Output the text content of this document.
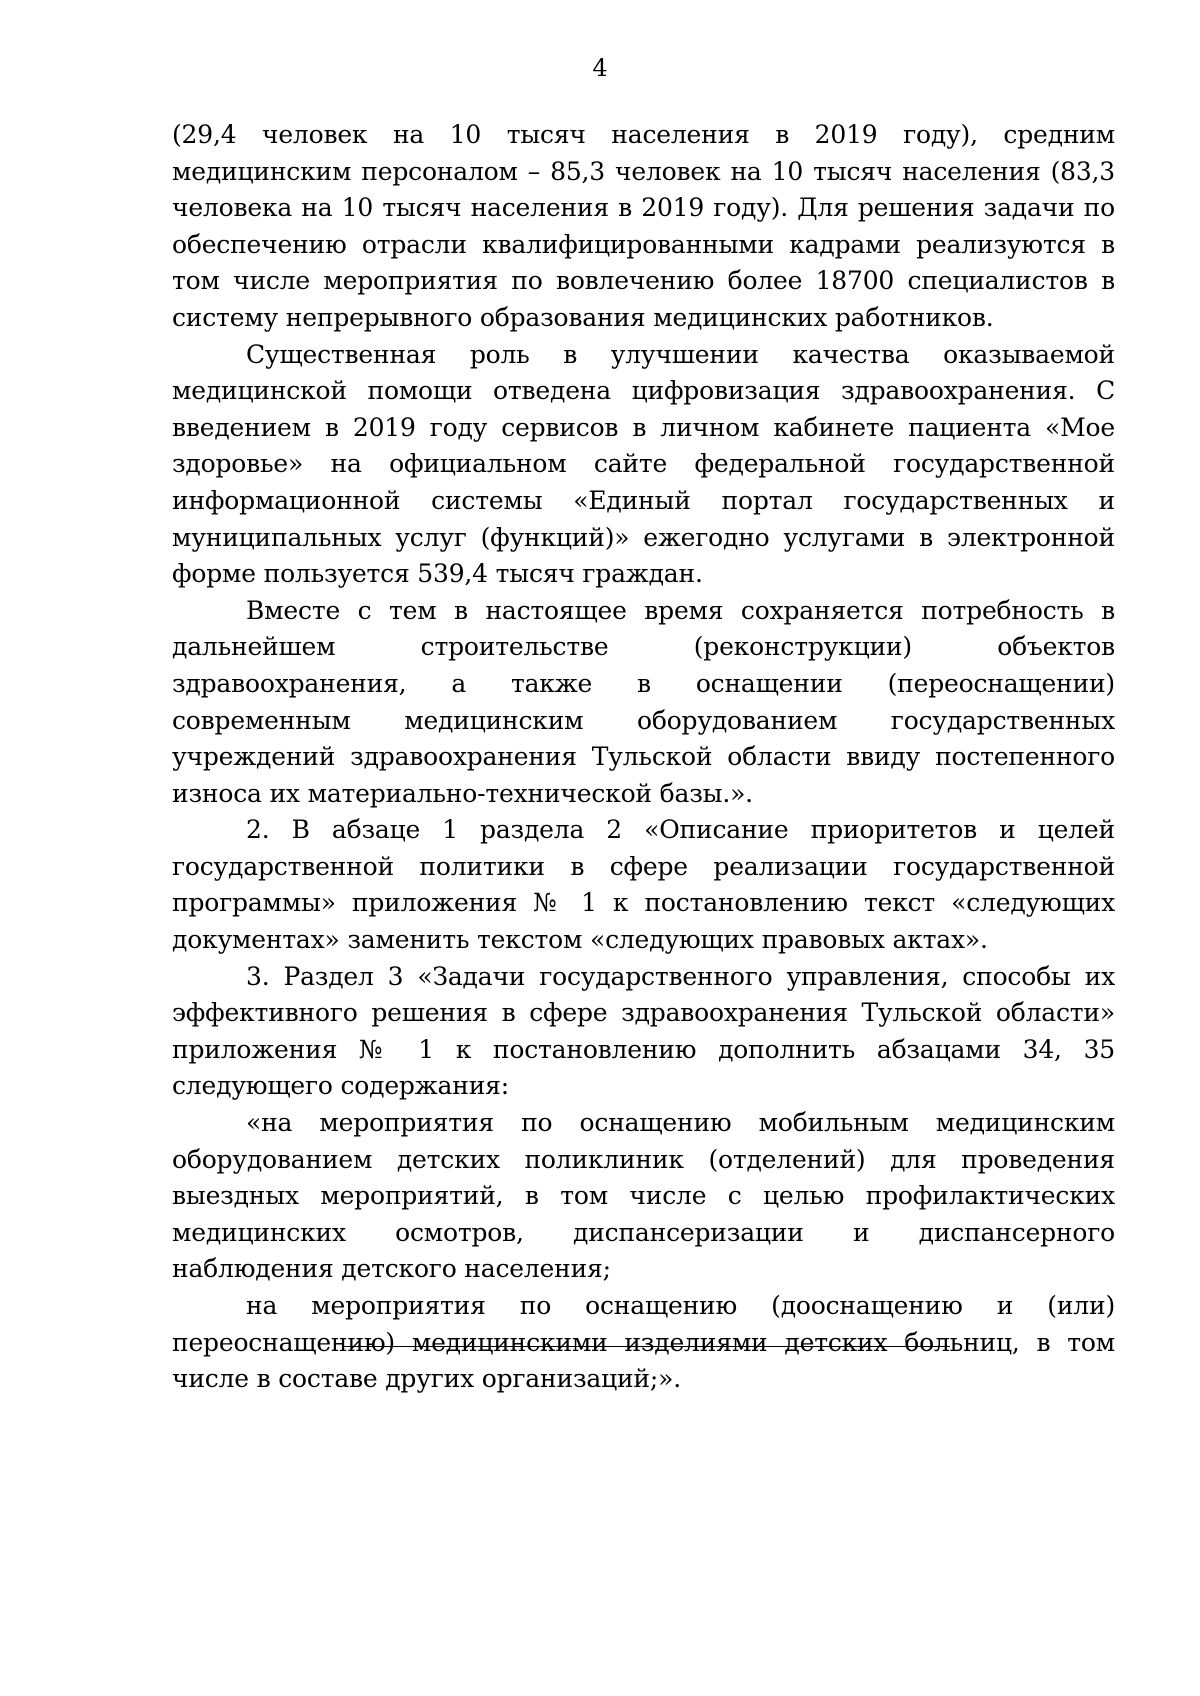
4

(29,4 человек на 10 тысяч населения в 2019 году), средним медицинским персоналом – 85,3 человек на 10 тысяч населения (83,3 человека на 10 тысяч населения в 2019 году). Для решения задачи по обеспечению отрасли квалифицированными кадрами реализуются в том числе мероприятия по вовлечению более 18700 специалистов в систему непрерывного образования медицинских работников.

Существенная роль в улучшении качества оказываемой медицинской помощи отведена цифровизация здравоохранения. С введением в 2019 году сервисов в личном кабинете пациента «Мое здоровье» на официальном сайте федеральной государственной информационной системы «Единый портал государственных и муниципальных услуг (функций)» ежегодно услугами в электронной форме пользуется 539,4 тысяч граждан.

Вместе с тем в настоящее время сохраняется потребность в дальнейшем строительстве (реконструкции) объектов здравоохранения, а также в оснащении (переоснащении) современным медицинским оборудованием государственных учреждений здравоохранения Тульской области ввиду постепенного износа их материально-технической базы.».

2. В абзаце 1 раздела 2 «Описание приоритетов и целей государственной политики в сфере реализации государственной программы» приложения № 1 к постановлению текст «следующих документах» заменить текстом «следующих правовых актах».

3. Раздел 3 «Задачи государственного управления, способы их эффективного решения в сфере здравоохранения Тульской области» приложения № 1 к постановлению дополнить абзацами 34, 35 следующего содержания:

«на мероприятия по оснащению мобильным медицинским оборудованием детских поликлиник (отделений) для проведения выездных мероприятий, в том числе с целью профилактических медицинских осмотров, диспансеризации и диспансерного наблюдения детского населения;

на мероприятия по оснащению (дооснащению и (или) переоснащению) медицинскими изделиями детских больниц, в том числе в составе других организаций;».
